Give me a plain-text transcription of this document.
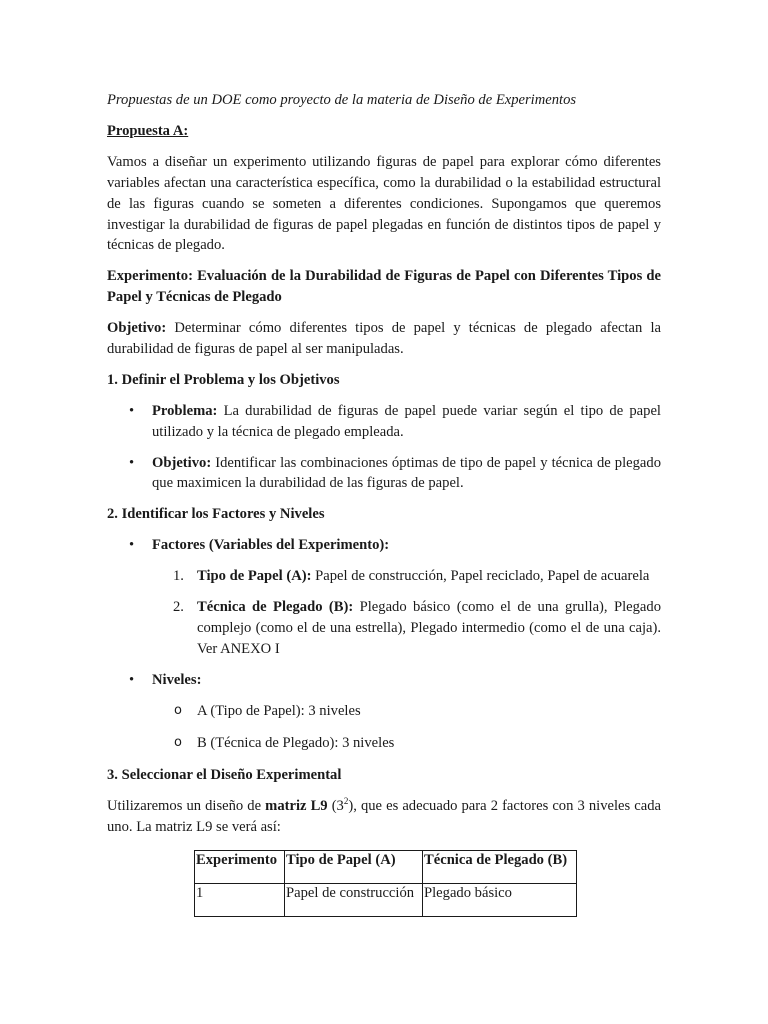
Propuestas de un DOE como proyecto de la materia de Diseño de Experimentos

Propuesta A:

Vamos a diseñar un experimento utilizando figuras de papel para explorar cómo diferentes variables afectan una característica específica, como la durabilidad o la estabilidad estructural de las figuras cuando se someten a diferentes condiciones. Supongamos que queremos investigar la durabilidad de figuras de papel plegadas en función de distintos tipos de papel y técnicas de plegado.

Experimento: Evaluación de la Durabilidad de Figuras de Papel con Diferentes Tipos de Papel y Técnicas de Plegado

Objetivo: Determinar cómo diferentes tipos de papel y técnicas de plegado afectan la durabilidad de figuras de papel al ser manipuladas.

1. Definir el Problema y los Objetivos

• Problema: La durabilidad de figuras de papel puede variar según el tipo de papel utilizado y la técnica de plegado empleada.
• Objetivo: Identificar las combinaciones óptimas de tipo de papel y técnica de plegado que maximicen la durabilidad de las figuras de papel.

2. Identificar los Factores y Niveles

• Factores (Variables del Experimento):
1. Tipo de Papel (A): Papel de construcción, Papel reciclado, Papel de acuarela
2. Técnica de Plegado (B): Plegado básico (como el de una grulla), Plegado complejo (como el de una estrella), Plegado intermedio (como el de una caja). Ver ANEXO I
• Niveles:
o A (Tipo de Papel): 3 niveles
o B (Técnica de Plegado): 3 niveles

3. Seleccionar el Diseño Experimental

Utilizaremos un diseño de matriz L9 $(3^2)$, que es adecuado para 2 factores con 3 niveles cada uno. La matriz L9 se verá así:

Experimento	Tipo de Papel (A)	Técnica de Plegado (B)
1	Papel de construcción	Plegado básico
